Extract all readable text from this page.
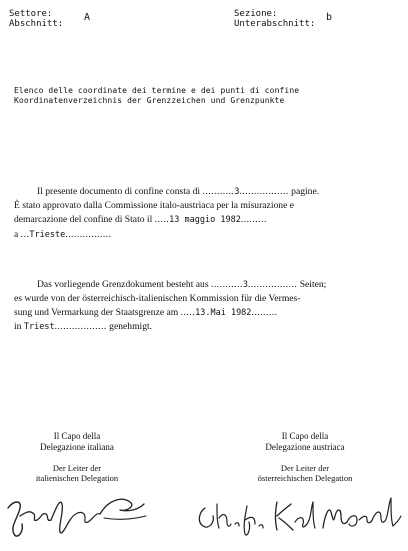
Settore:
Abschnitt:
A	Sezione:
Unterabschnitt:
b
Elenco delle coordinate dei termine e dei punti di confine
Koordinatenverzeichnis der Grenzzeichen und Grenzpunkte
Il presente documento di confine consta di ...........3................. pagine.
È stato approvato dalla Commissione italo-austriaca per la misurazione e
demarcazione del confine di Stato il .....13 maggio 1982.........
a ...Trieste................
Das vorliegende Grenzdokument besteht aus ...........3................. Seiten;
es wurde von der österreichisch-italienischen Kommission für die Vermes-
sung und Vermarkung der Staatsgrenze am .....13.Mai 1982.........
in Triest.................. genehmigt.
Il Capo della
Delegazione italiana
Der Leiter der
italienischen Delegation
Il Capo della
Delegazione austriaca
Der Leiter der
österreichischen Delegation
